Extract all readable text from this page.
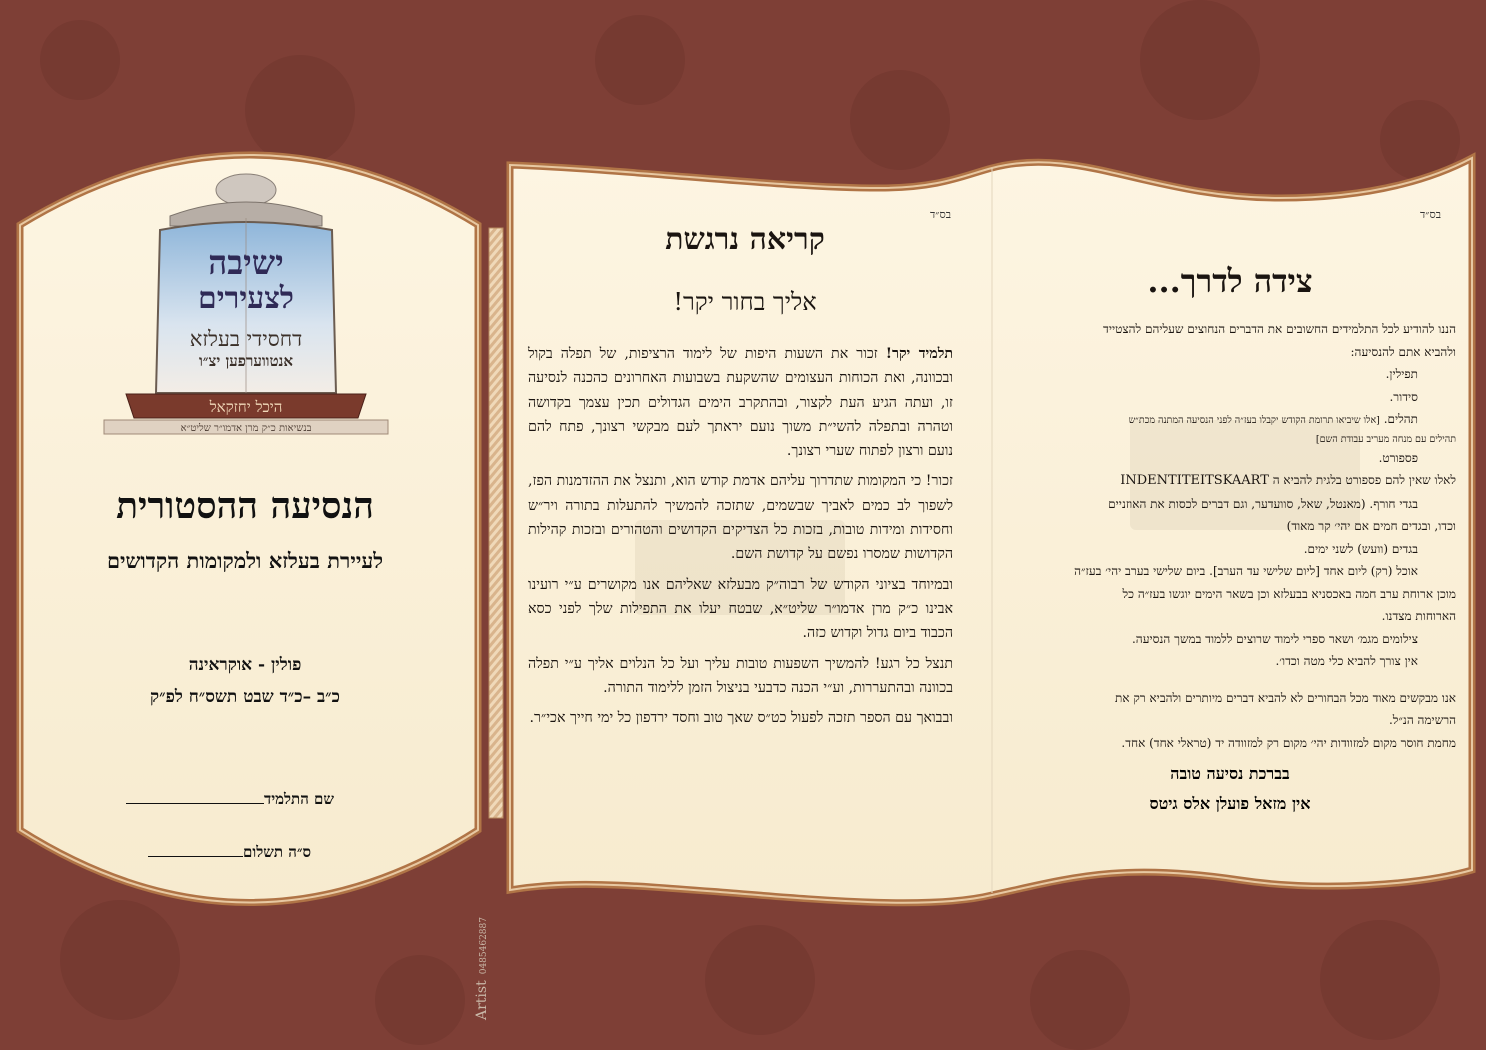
ישיבה
לצעירים
דחסידי בעלזא
אנטווערפען יצ״ו
היכל יחזקאל
בנשיאות כ״ק מרן אדמו״ר שליט״א
הנסיעה ההסטורית
לעיירת בעלזא ולמקומות הקדושים
פולין - אוקראינה
כ״ב –כ״ד שבט תשס״ח לפ״ק
שם התלמיד
ס״ה תשלום
בס״ד
קריאה נרגשת
אליך בחור יקר!

תלמיד יקר! זכור את השעות היפות של לימוד הרציפות, של תפלה בקול ובכוונה, ואת הכוחות העצומים שהשקעת בשבועות האחרונים כהכנה לנסיעה זו, ועתה הגיע העת לקצור, ובהתקרב הימים הגדולים תכין עצמך בקדושה וטהרה ובתפלה להשי״ת משוך נועם יראתך לעם מבקשי רצונך, פתח להם נועם ורצון לפתוח שערי רצונך.

זכור! כי המקומות שתדרוך עליהם אדמת קודש הוא, ותנצל את ההזדמנות הפז, לשפוך לב כמים לאביך שבשמים, שתזכה להמשיך להתעלות בתורה ויר״ש וחסידות ומידות טובות, בזכות כל הצדיקים הקדושים והטהורים ובזכות קהילות הקדושות שמסרו נפשם על קדושת השם.

ובמיוחד בציוני הקודש של רבוה״ק מבעלזא שאליהם אנו מקושרים ע״י רועינו אבינו כ״ק מרן אדמו״ר שליט״א, שבטח יעלו את התפילות שלך לפני כסא הכבוד ביום גדול וקדוש כזה.

תנצל כל רגע! להמשיך השפעות טובות עליך ועל כל הנלוים אליך ע״י תפלה בכוונה ובהתעררות, וע״י הכנה כדבעי בניצול הזמן ללימוד התורה.

ובבואך עם הספר תזכה לפעול כט״ס שאך טוב וחסד ירדפון כל ימי חייך אכי״ר.

בס״ד
צידה לדרך...
הננו להודיע לכל התלמידים החשובים את הדברים הנחוצים שעליהם להצטייד
ולהביא אתם להנסיעה:
תפילין.
סידור.
תהלים. [אלו שיביאו תרומת הקודש יקבלו בעז״ה לפני הנסיעה המתנה מכת״ש
תהילים עם מנחה מעריב עבודת השם]
פספורט.
לאלו שאין להם פספורט בלגית להביא ה INDENTITEITSKAART
בגדי חורף. (מאנטל, שאל, סוועדער, וגם דברים לכסות את האוזניים
וכדו, ובגדים חמים אם יהי׳ קר מאוד)
בגדים (וועש) לשני ימים.
אוכל (רק) ליום אחד [ליום שלישי עד הערב]. ביום שלישי בערב יהי׳ בעז״ה
מוכן ארוחת ערב חמה באכסניא בבעלזא וכן בשאר הימים יוגשו בעז״ה כל
הארוחות מצדנו.
צילומים מגמ׳ ושאר ספרי לימוד שרוצים ללמוד במשך הנסיעה.
אין צורך להביא כלי מטה וכדו׳.
אנו מבקשים מאוד מכל הבחורים לא להביא דברים מיותרים ולהביא רק את
הרשימה הנ״ל.
מחמת חוסר מקום למזוודות יהי׳ מקום רק למזוודה יד (טראלי אחד) אחד.
בברכת נסיעה טובה
אין מזאל פועלן אלס גיטס
Artist0485462887
